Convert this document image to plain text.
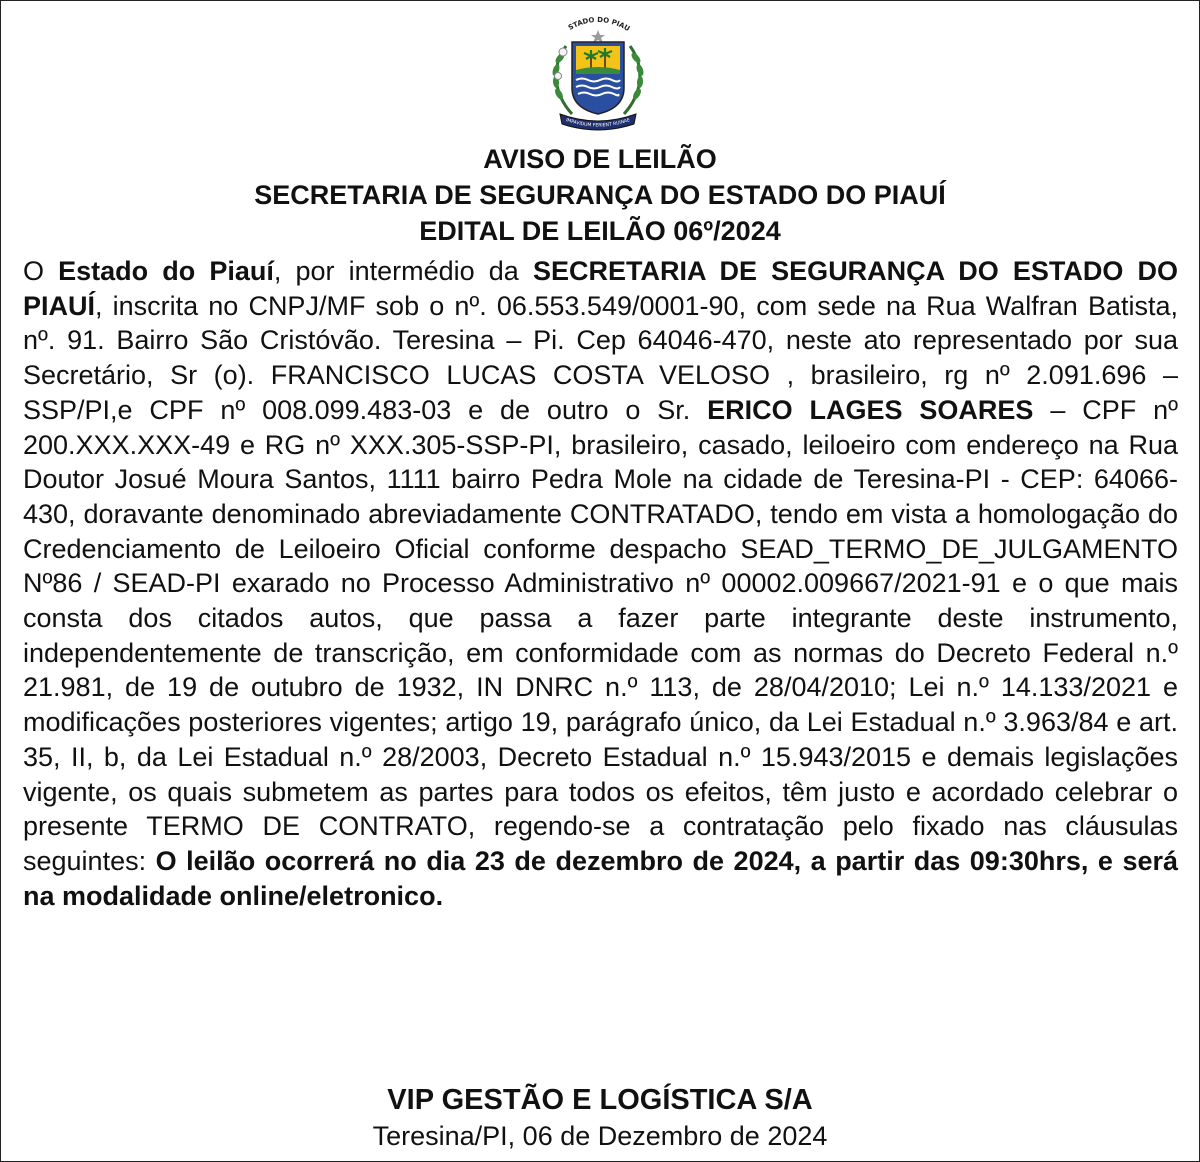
STADO DO PIAU
IMPAVIDUM FERIENT RUINAE
AVISO DE LEILÃO
SECRETARIA DE SEGURANÇA DO ESTADO DO PIAUÍ
EDITAL DE LEILÃO 06º/2024
O Estado do Piauí, por intermédio da SECRETARIA DE SEGURANÇA DO ESTADO DO PIAUÍ, inscrita no CNPJ/MF sob o nº. 06.553.549/0001-90, com sede na Rua Walfran Batista, nº. 91. Bairro São Cristóvão. Teresina – Pi. Cep 64046-470, neste ato representado por sua Secretário, Sr (o). FRANCISCO LUCAS COSTA VELOSO , brasileiro, rg nº 2.091.696 – SSP/PI,e CPF nº 008.099.483-03 e de outro o Sr. ERICO LAGES SOARES – CPF nº 200.XXX.XXX-49 e RG nº XXX.305-SSP-PI, brasileiro, casado, leiloeiro com endereço na Rua Doutor Josué Moura Santos, 1111 bairro Pedra Mole na cidade de Teresina-PI - CEP: 64066-430, doravante denominado abreviadamente CONTRATADO, tendo em vista a homologação do Credenciamento de Leiloeiro Oficial conforme despacho SEAD_TERMO_DE_JULGAMENTO Nº86 / SEAD-PI exarado no Processo Administrativo nº 00002.009667/2021-91 e o que mais consta dos citados autos, que passa a fazer parte integrante deste instrumento, independentemente de transcrição, em conformidade com as normas do Decreto Federal n.º 21.981, de 19 de outubro de 1932, IN DNRC n.º 113, de 28/04/2010; Lei n.º 14.133/2021 e modificações posteriores vigentes; artigo 19, parágrafo único, da Lei Estadual n.º 3.963/84 e art. 35, II, b, da Lei Estadual n.º 28/2003, Decreto Estadual n.º 15.943/2015 e demais legislações vigente, os quais submetem as partes para todos os efeitos, têm justo e acordado celebrar o presente TERMO DE CONTRATO, regendo-se a contratação pelo fixado nas cláusulas seguintes: O leilão ocorrerá no dia 23 de dezembro de 2024, a partir das 09:30hrs, e será na modalidade online/eletronico.
VIP GESTÃO E LOGÍSTICA S/A
Teresina/PI, 06 de Dezembro de 2024
